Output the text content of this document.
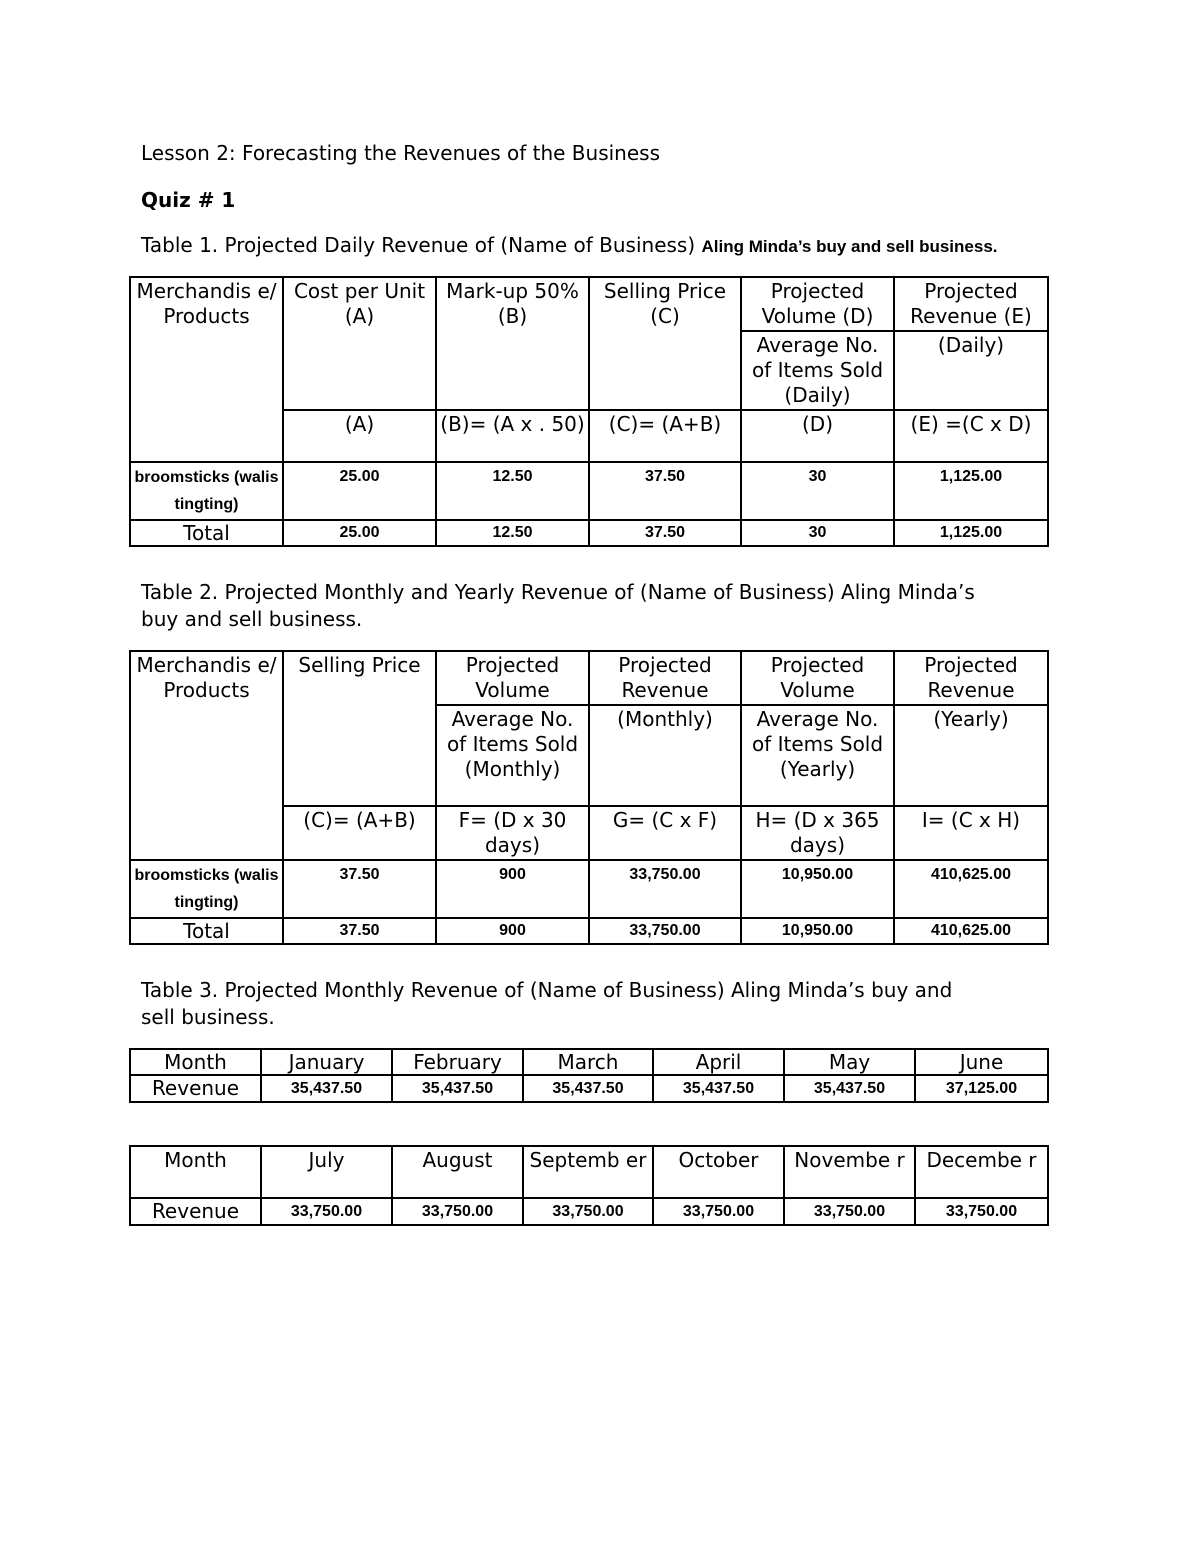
Lesson 2: Forecasting the Revenues of the Business
Quiz # 1
Table 1. Projected Daily Revenue of (Name of Business) Aling Minda’s buy and sell business.
Merchandis e/ Products	Cost per Unit (A)	Mark-up 50% (B)	Selling Price (C)	Projected Volume (D)	Projected Revenue (E)
				Average No. of Items Sold (Daily)	(Daily)
	(A)	(B)= (A x . 50)	(C)= (A+B)	(D)	(E) =(C x D)
broomsticks (walis tingting)	25.00	12.50	37.50	30	1,125.00
Total	25.00	12.50	37.50	30	1,125.00
Table 2. Projected Monthly and Yearly Revenue of (Name of Business) Aling Minda’s
buy and sell business.
Merchandis e/ Products	Selling Price	Projected Volume	Projected Revenue	Projected Volume	Projected Revenue
		Average No. of Items Sold (Monthly)	(Monthly)	Average No. of Items Sold (Yearly)	(Yearly)
	(C)= (A+B)	F= (D x 30 days)	G= (C x F)	H= (D x 365 days)	I= (C x H)
broomsticks (walis tingting)	37.50	900	33,750.00	10,950.00	410,625.00
Total	37.50	900	33,750.00	10,950.00	410,625.00
Table 3. Projected Monthly Revenue of (Name of Business) Aling Minda’s buy and
sell business.
Month	January	February	March	April	May	June
Revenue	35,437.50	35,437.50	35,437.50	35,437.50	35,437.50	37,125.00
Month	July	August	Septemb er	October	Novembe r	Decembe r
Revenue	33,750.00	33,750.00	33,750.00	33,750.00	33,750.00	33,750.00
